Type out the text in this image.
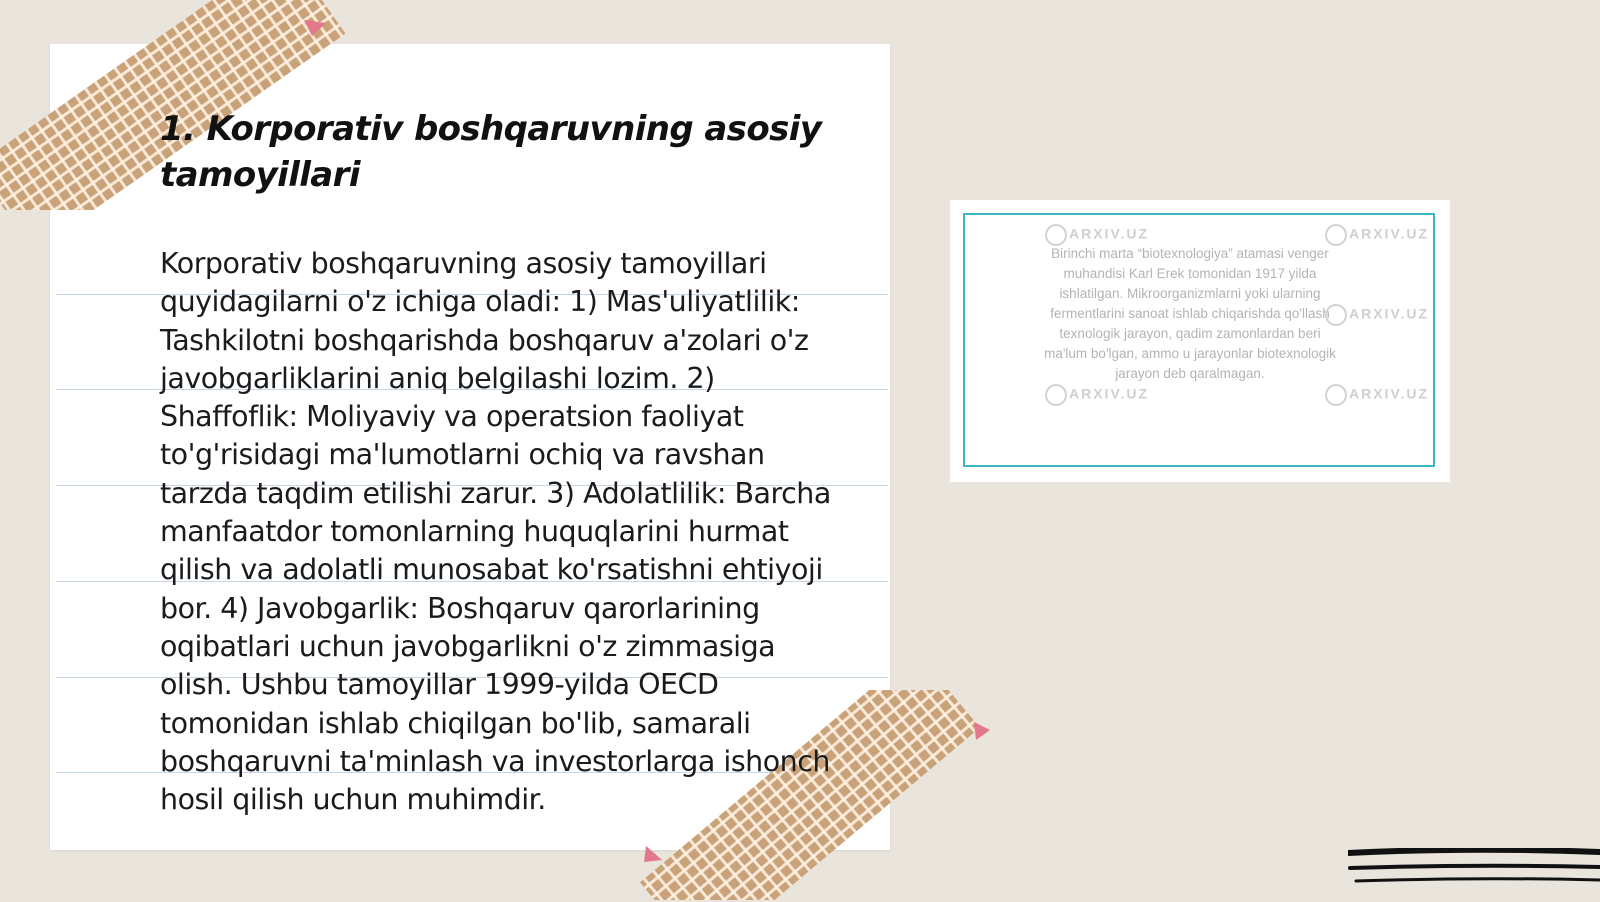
1. Korporativ boshqaruvning asosiy tamoyillari

Korporativ boshqaruvning asosiy tamoyillari quyidagilarni o'z ichiga oladi: 1) Mas'uliyatlilik: Tashkilotni boshqarishda boshqaruv a'zolari o'z javobgarliklarini aniq belgilashi lozim. 2) Shaffoflik: Moliyaviy va operatsion faoliyat to'g'risidagi ma'lumotlarni ochiq va ravshan tarzda taqdim etilishi zarur. 3) Adolatlilik: Barcha manfaatdor tomonlarning huquqlarini hurmat qilish va adolatli munosabat ko'rsatishni ehtiyoji bor. 4) Javobgarlik: Boshqaruv qarorlarining oqibatlari uchun javobgarlikni o'z zimmasiga olish. Ushbu tamoyillar 1999-yilda OECD tomonidan ishlab chiqilgan bo'lib, samarali boshqaruvni ta'minlash va investorlarga ishonch hosil qilish uchun muhimdir.

Birinchi marta “biotexnologiya” atamasi venger muhandisi Karl Erek tomonidan 1917 yilda ishlatilgan. Mikroorganizmlarni yoki ularning fermentlarini sanoat ishlab chiqarishda qo'llash texnologik jarayon, qadim zamonlardan beri ma'lum bo'lgan, ammo u jarayonlar biotexnologik jarayon deb qaralmagan.

ARXIV.UZ	ARXIV.UZ
ARXIV.UZ
ARXIV.UZ	ARXIV.UZ
